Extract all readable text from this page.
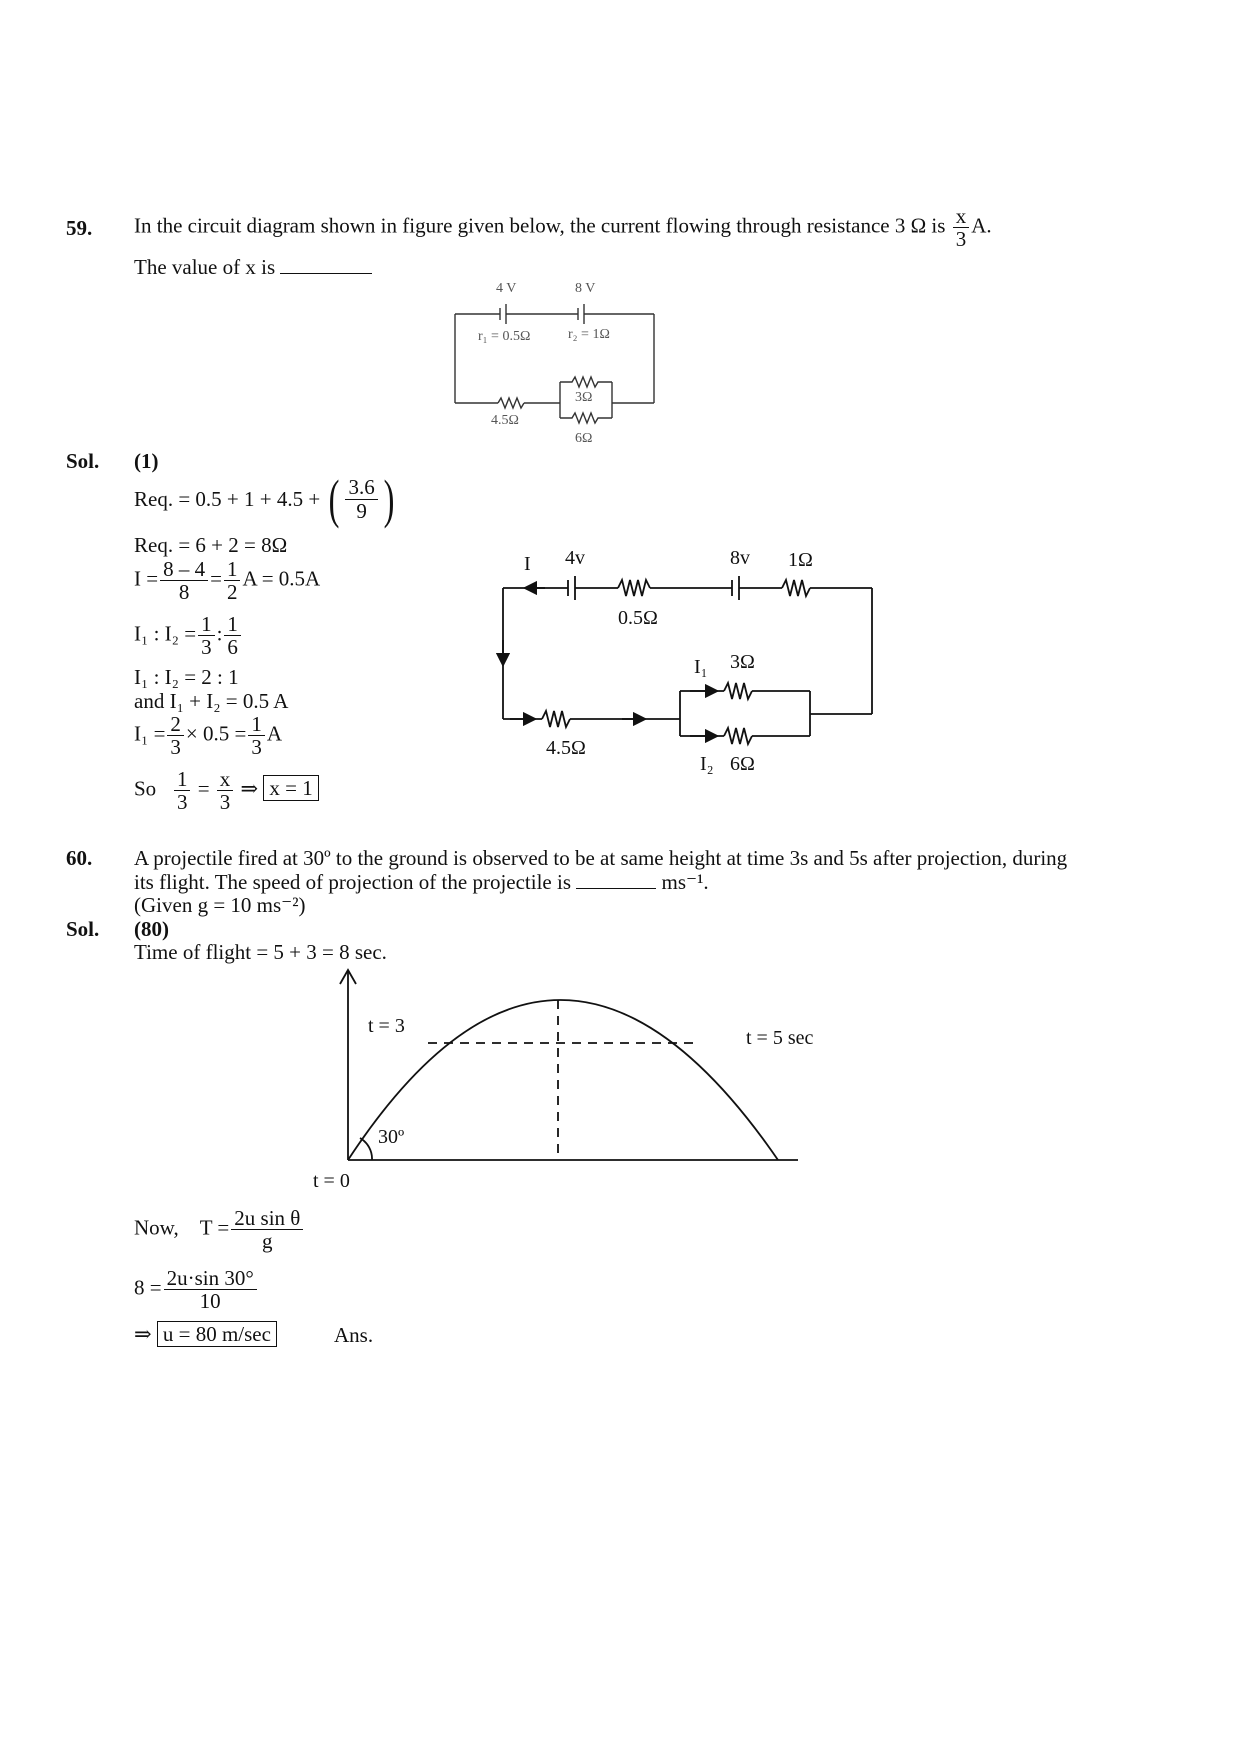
59. In the circuit diagram shown in figure given below, the current flowing through resistance 3 Ω is $\frac{x}{3} A$.
The value of x is
4 V	8 V
r₁ = 0.5Ω	r₂ = 1Ω
4.5Ω
3Ω
6Ω
Sol. (1)
Req. = 0.5 + 1 + 4.5 + ( $\frac{3.6}{9}$ )
Req. = 6 + 2 = 8Ω
$I = \frac{8 - 4}{8} = \frac{1}{2}$ A = 0.5A
I₁ : $I_2 = \frac{1}{3}$ : $\frac{1}{6}$
I₁ : I₂ = 2 : 1
and I₁ + I₂ = 0.5 A
$I_1 = \frac{2}{3} \times 0.5 = \frac{1}{3}$ A
So $\frac{1}{3} = \frac{x}{3}$ ⇒ x = 1
I 4v	8v 1Ω
0.5Ω
I₁ 3Ω
4.5Ω
I₂ 6Ω
60. A projectile fired at 30º to the ground is observed to be at same height at time 3s and 5s after projection, during
its flight. The speed of projection of the projectile is	ms⁻¹.
(Given g = 10 ms⁻²)
Sol. (80)
Time of flight = 5 + 3 = 8 sec.
t = 3
t = 5 sec
30º
t = 0
Now, $T = \frac{\text{2u sin θ}}{g}$
$8 = \frac{2u\cdot\sin 30^\circ}{10}$
⇒ u = 80 m/sec	Ans.
